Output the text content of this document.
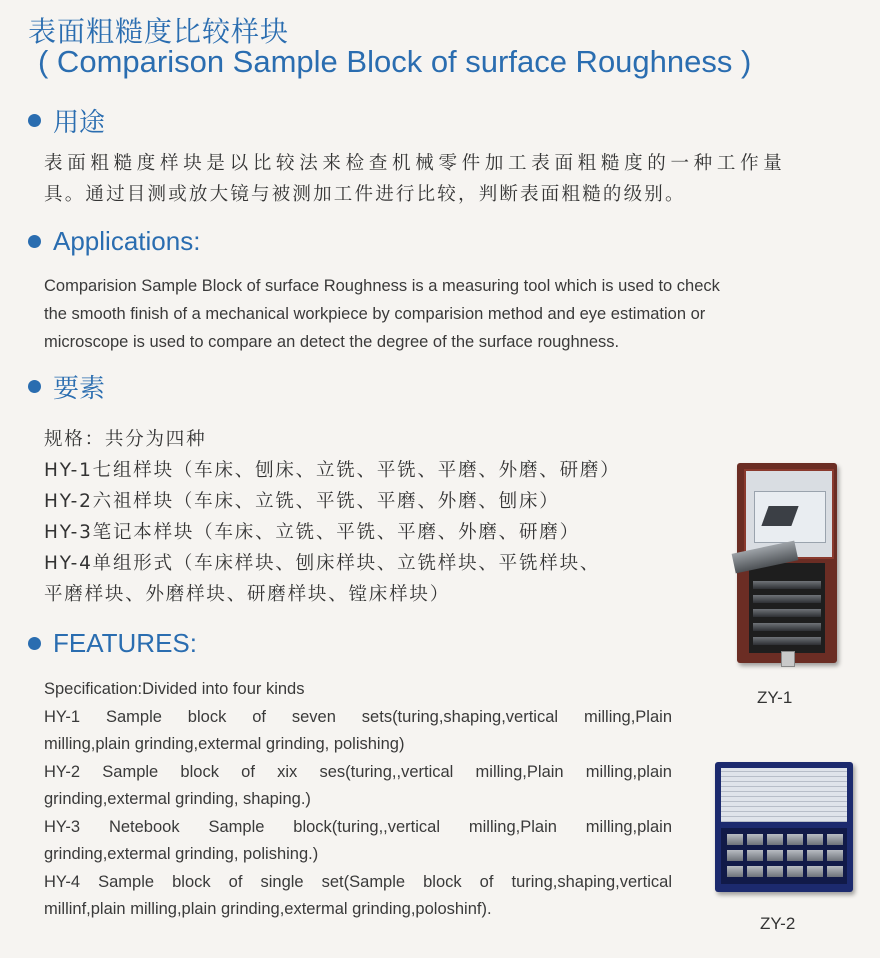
表面粗糙度比较样块
( Comparison Sample Block of surface Roughness )
用途
表面粗糙度样块是以比较法来检查机械零件加工表面粗糙度的一种工作量
具。通过目测或放大镜与被测加工件进行比较，判断表面粗糙的级别。
Applications:
Comparision Sample Block of surface Roughness is a measuring tool which is used to check
the smooth finish of a mechanical workpiece by comparision method and eye estimation or
microscope is used to compare an detect the degree of the surface roughness.
要素
规格：共分为四种
HY-1七组样块（车床、刨床、立铣、平铣、平磨、外磨、研磨）
HY-2六祖样块（车床、立铣、平铣、平磨、外磨、刨床）
HY-3笔记本样块（车床、立铣、平铣、平磨、外磨、研磨）
HY-4单组形式（车床样块、刨床样块、立铣样块、平铣样块、
平磨样块、外磨样块、研磨样块、镗床样块）
FEATURES:
Specification:Divided into four kinds
HY-1 Sample block of seven sets(turing,shaping,vertical milling,Plain
milling,plain grinding,extermal grinding, polishing)
HY-2 Sample block of xix ses(turing,,vertical milling,Plain milling,plain
grinding,extermal grinding, shaping.)
HY-3 Netebook Sample block(turing,,vertical milling,Plain milling,plain
grinding,extermal grinding, polishing.)
HY-4 Sample block of single set(Sample block of turing,shaping,vertical
millinf,plain milling,plain grinding,extermal grinding,poloshinf).
ZY-1
ZY-2
